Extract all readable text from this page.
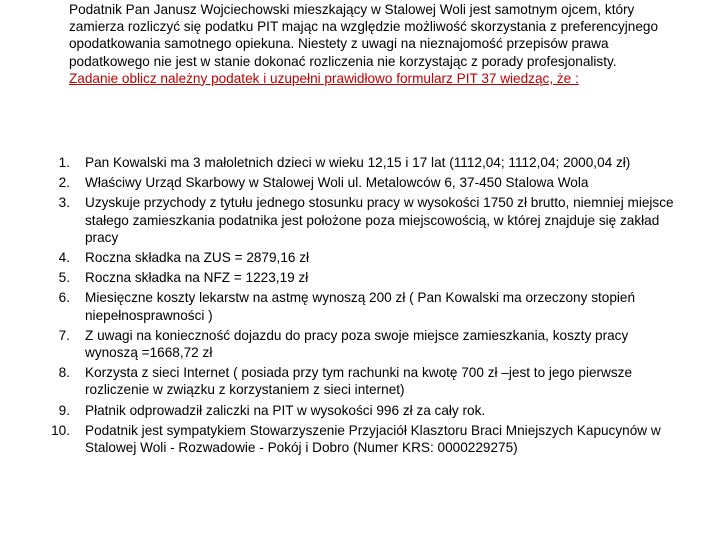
Podatnik Pan Janusz Wojciechowski mieszkający w Stalowej Woli jest samotnym ojcem, który zamierza rozliczyć się podatku PIT mając na względzie możliwość skorzystania z preferencyjnego opodatkowania samotnego opiekuna. Niestety z uwagi na nieznajomość przepisów prawa podatkowego nie jest w stanie dokonać rozliczenia nie korzystając z porady profesjonalisty.

Zadanie oblicz należny podatek i uzupełni prawidłowo formularz PIT 37 wiedząc, że :

1. Pan Kowalski ma 3 małoletnich dzieci w wieku 12,15 i 17 lat (1112,04; 1112,04; 2000,04 zł)
2. Właściwy Urząd Skarbowy w Stalowej Woli ul. Metalowców 6, 37-450 Stalowa Wola
3. Uzyskuje przychody z tytułu jednego stosunku pracy w wysokości 1750 zł brutto, niemniej miejsce stałego zamieszkania podatnika jest położone poza miejscowością, w której znajduje się zakład pracy
4. Roczna składka na ZUS = 2879,16 zł
5. Roczna składka na NFZ = 1223,19 zł
6. Miesięczne koszty lekarstw na astmę wynoszą 200 zł ( Pan Kowalski ma orzeczony stopień niepełnosprawności )
7. Z uwagi na konieczność dojazdu do pracy poza swoje miejsce zamieszkania, koszty pracy wynoszą =1668,72 zł
8. Korzysta z sieci Internet ( posiada przy tym rachunki na kwotę 700 zł –jest to jego pierwsze rozliczenie w związku z korzystaniem z sieci internet)
9. Płatnik odprowadził zaliczki na PIT w wysokości 996 zł za cały rok.
10. Podatnik jest sympatykiem Stowarzyszenie Przyjaciół Klasztoru Braci Mniejszych Kapucynów w Stalowej Woli - Rozwadowie - Pokój i Dobro (Numer KRS: 0000229275)
